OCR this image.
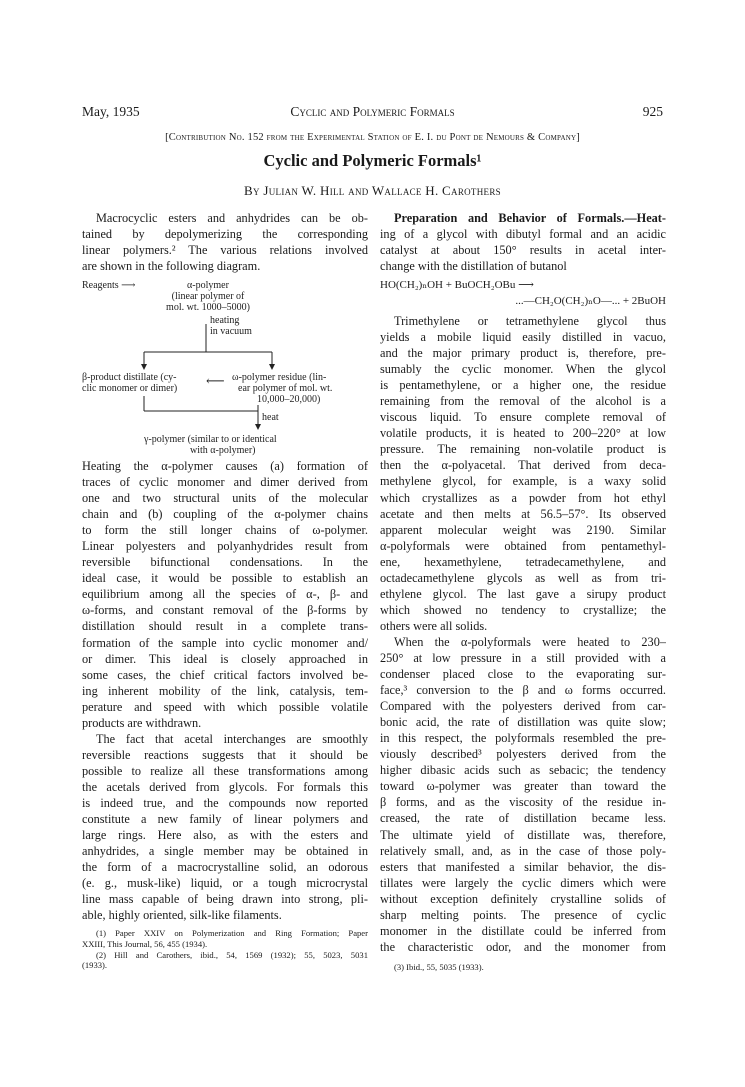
May, 1935	Cyclic and Polymeric Formals	925
[Contribution No. 152 from the Experimental Station of E. I. du Pont de Nemours & Company]
Cyclic and Polymeric Formals¹
By Julian W. Hill and Wallace H. Carothers
Macrocyclic esters and anhydrides can be ob-
tained by depolymerizing the corresponding
linear polymers.² The various relations involved
are shown in the following diagram.
Reagents ⟶	α-polymer
(linear polymer of
mol. wt. 1000–5000)
heating
in vacuum
β-product distillate (cy-
clic monomer or dimer)
⟵ ω-polymer residue (lin-
ear polymer of mol. wt.
10,000–20,000)
heat
γ-polymer (similar to or identical
with α-polymer)
Heating the α-polymer causes (a) formation of
traces of cyclic monomer and dimer derived from
one and two structural units of the molecular
chain and (b) coupling of the α-polymer chains
to form the still longer chains of ω-polymer.
Linear polyesters and polyanhydrides result from
reversible bifunctional condensations. In the
ideal case, it would be possible to establish an
equilibrium among all the species of α-, β- and
ω-forms, and constant removal of the β-forms by
distillation should result in a complete trans-
formation of the sample into cyclic monomer and/
or dimer. This ideal is closely approached in
some cases, the chief critical factors involved be-
ing inherent mobility of the link, catalysis, tem-
perature and speed with which possible volatile
products are withdrawn.
The fact that acetal interchanges are smoothly
reversible reactions suggests that it should be
possible to realize all these transformations among
the acetals derived from glycols. For formals this
is indeed true, and the compounds now reported
constitute a new family of linear polymers and
large rings. Here also, as with the esters and
anhydrides, a single member may be obtained in
the form of a macrocrystalline solid, an odorous
(e. g., musk-like) liquid, or a tough microcrystal
line mass capable of being drawn into strong, pli-
able, highly oriented, silk-like filaments.
(1) Paper XXIV on Polymerization and Ring Formation; Paper
XXIII, This Journal, 56, 455 (1934).
(2) Hill and Carothers, ibid., 54, 1569 (1932); 55, 5023, 5031
(1933).
Preparation and Behavior of Formals.—Heat-
ing of a glycol with dibutyl formal and an acidic
catalyst at about 150° results in acetal inter-
change with the distillation of butanol
HO(CH₂)ₙOH + BuOCH₂OBu ⟶
...—CH₂O(CH₂)ₙO—... + 2BuOH
Trimethylene or tetramethylene glycol thus
yields a mobile liquid easily distilled in vacuo,
and the major primary product is, therefore, pre-
sumably the cyclic monomer. When the glycol
is pentamethylene, or a higher one, the residue
remaining from the removal of the alcohol is a
viscous liquid. To ensure complete removal of
volatile products, it is heated to 200–220° at low
pressure. The remaining non-volatile product is
then the α-polyacetal. That derived from deca-
methylene glycol, for example, is a waxy solid
which crystallizes as a powder from hot ethyl
acetate and then melts at 56.5–57°. Its observed
apparent molecular weight was 2190. Similar
α-polyformals were obtained from pentamethyl-
ene, hexamethylene, tetradecamethylene, and
octadecamethylene glycols as well as from tri-
ethylene glycol. The last gave a sirupy product
which showed no tendency to crystallize; the
others were all solids.
When the α-polyformals were heated to 230–
250° at low pressure in a still provided with a
condenser placed close to the evaporating sur-
face,³ conversion to the β and ω forms occurred.
Compared with the polyesters derived from car-
bonic acid, the rate of distillation was quite slow;
in this respect, the polyformals resembled the pre-
viously described³ polyesters derived from the
higher dibasic acids such as sebacic; the tendency
toward ω-polymer was greater than toward the
β forms, and as the viscosity of the residue in-
creased, the rate of distillation became less.
The ultimate yield of distillate was, therefore,
relatively small, and, as in the case of those poly-
esters that manifested a similar behavior, the dis-
tillates were largely the cyclic dimers which were
without exception definitely crystalline solids of
sharp melting points. The presence of cyclic
monomer in the distillate could be inferred from
the characteristic odor, and the monomer from
(3) Ibid., 55, 5035 (1933).
